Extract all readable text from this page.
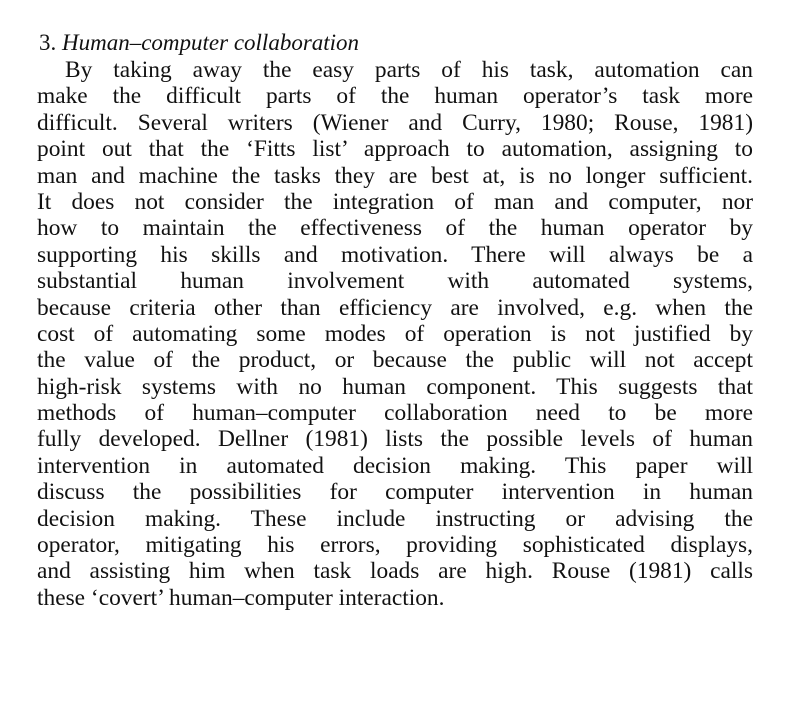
3. Human–computer collaboration
By taking away the easy parts of his task, automation can
make the difficult parts of the human operator’s task more
difficult. Several writers (Wiener and Curry, 1980; Rouse, 1981)
point out that the ‘Fitts list’ approach to automation, assigning to
man and machine the tasks they are best at, is no longer sufficient.
It does not consider the integration of man and computer, nor
how to maintain the effectiveness of the human operator by
supporting his skills and motivation. There will always be a
substantial human involvement with automated systems,
because criteria other than efficiency are involved, e.g. when the
cost of automating some modes of operation is not justified by
the value of the product, or because the public will not accept
high-risk systems with no human component. This suggests that
methods of human–computer collaboration need to be more
fully developed. Dellner (1981) lists the possible levels of human
intervention in automated decision making. This paper will
discuss the possibilities for computer intervention in human
decision making. These include instructing or advising the
operator, mitigating his errors, providing sophisticated displays,
and assisting him when task loads are high. Rouse (1981) calls
these ‘covert’ human–computer interaction.
